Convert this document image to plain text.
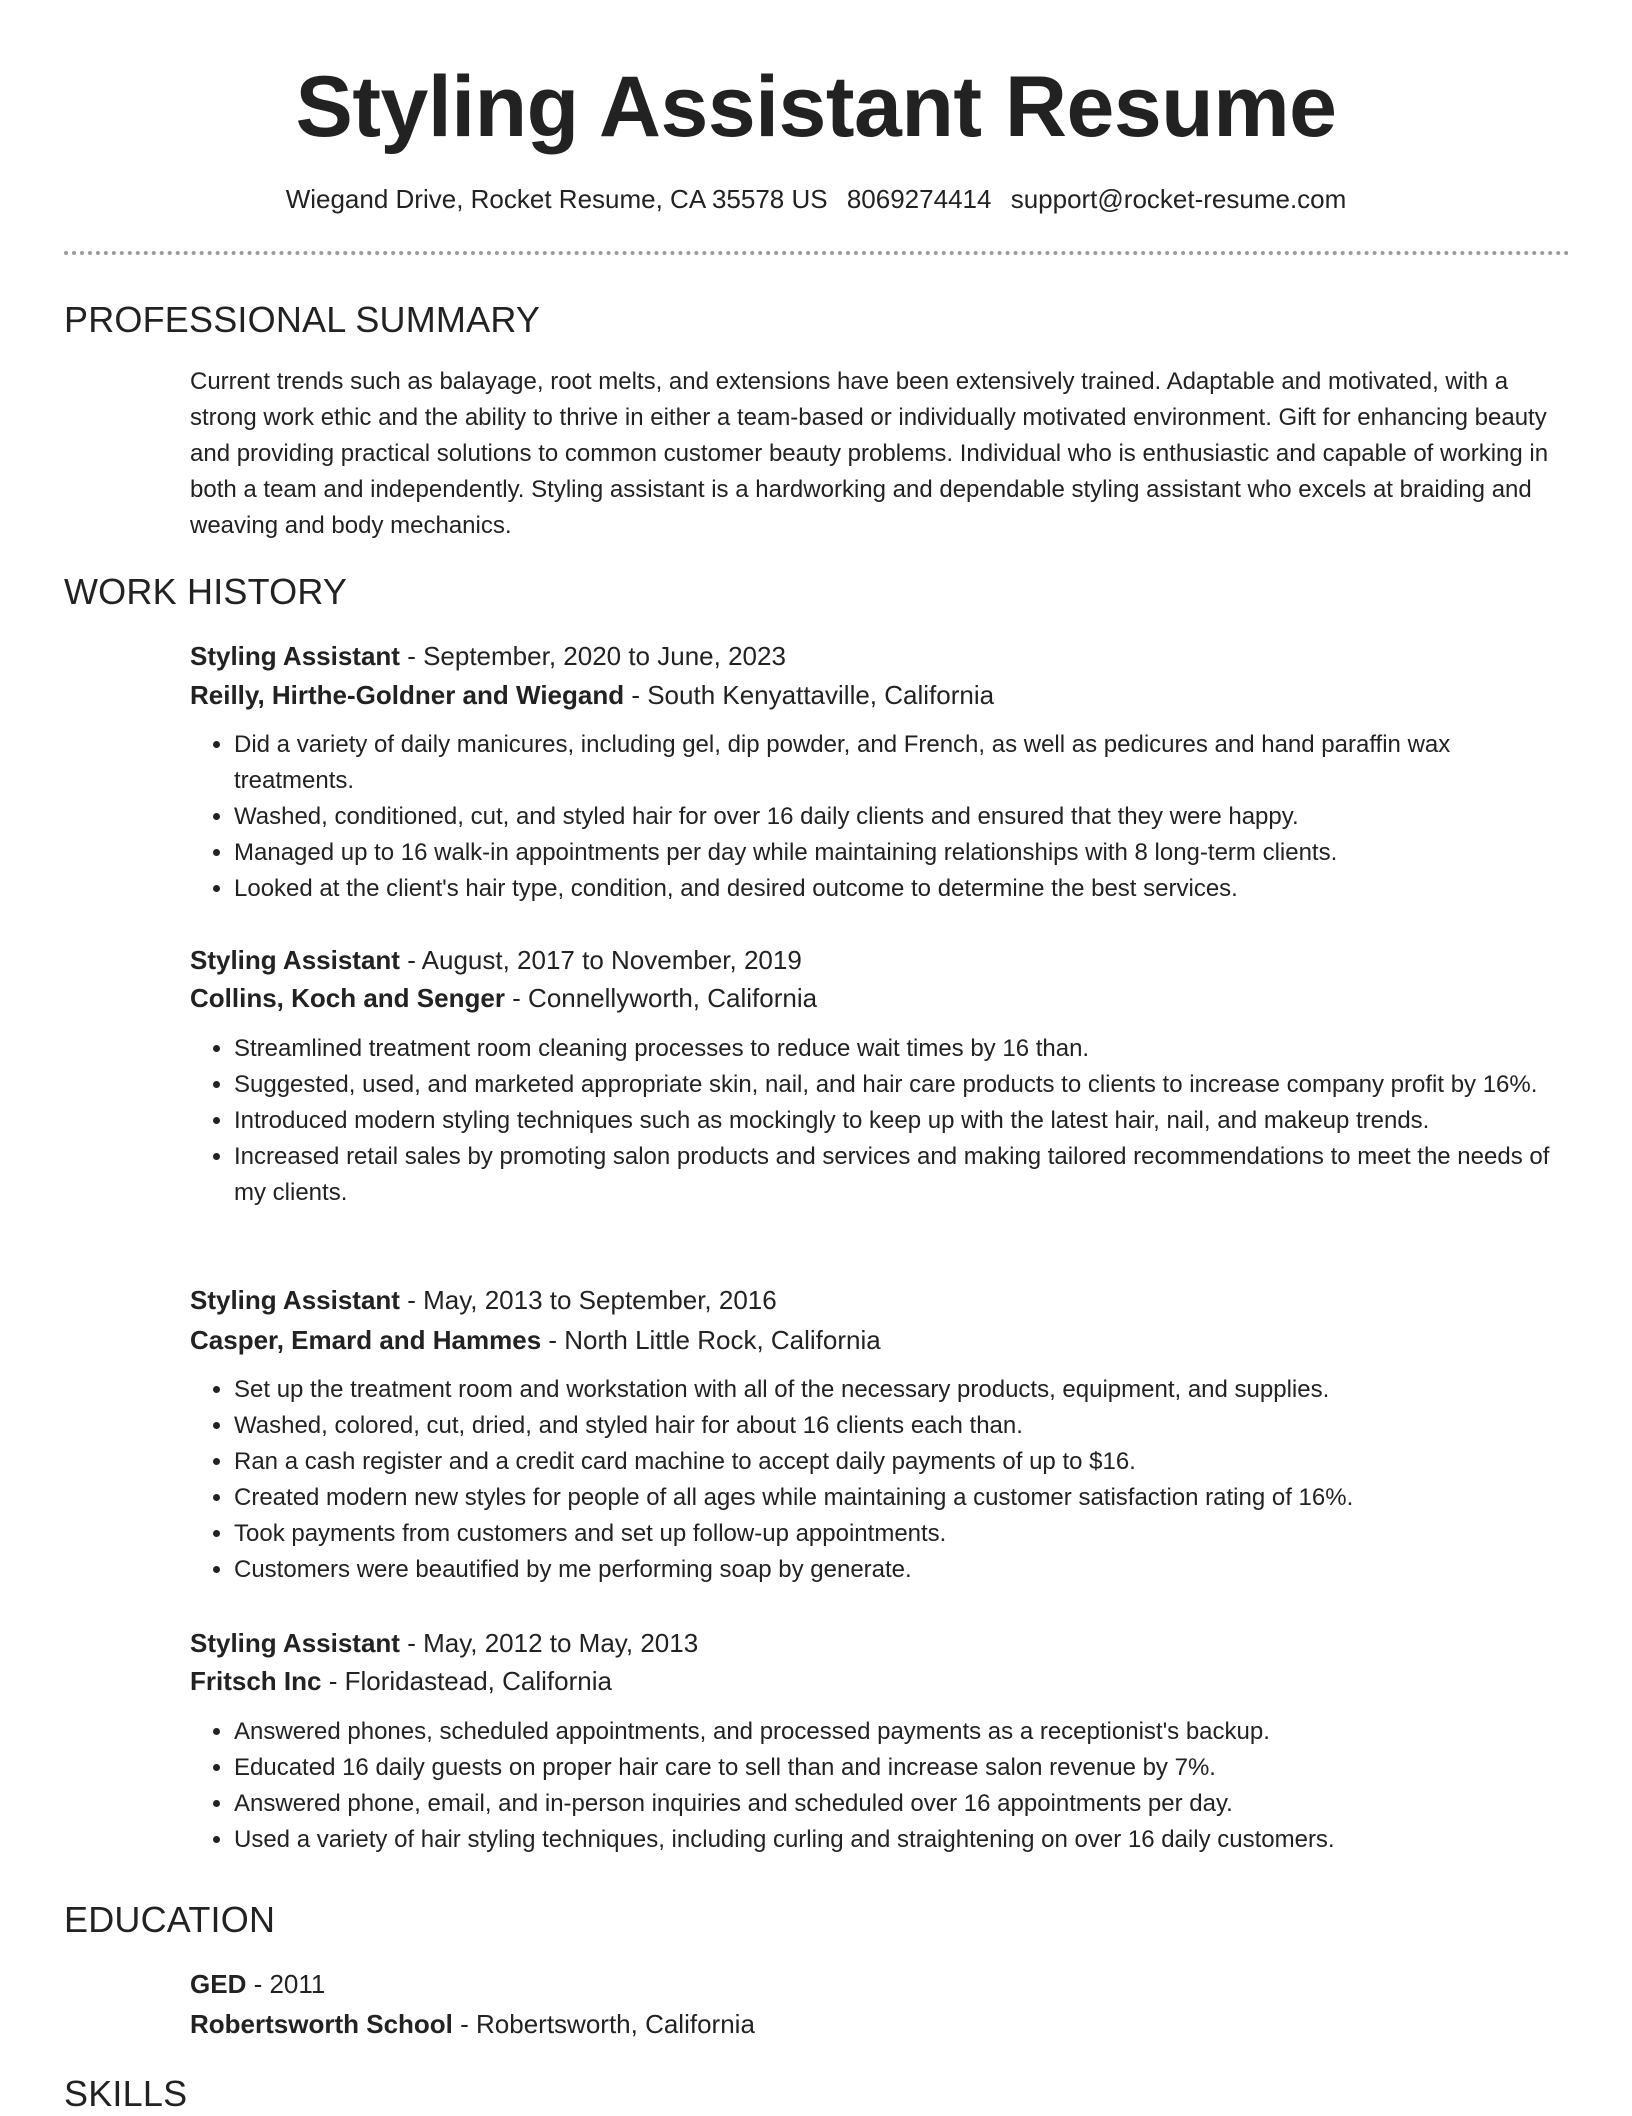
Styling Assistant Resume
Wiegand Drive, Rocket Resume, CA 35578 US 8069274414 support@rocket-resume.com
PROFESSIONAL SUMMARY
Current trends such as balayage, root melts, and extensions have been extensively trained. Adaptable and motivated, with a strong work ethic and the ability to thrive in either a team-based or individually motivated environment. Gift for enhancing beauty and providing practical solutions to common customer beauty problems. Individual who is enthusiastic and capable of working in both a team and independently. Styling assistant is a hardworking and dependable styling assistant who excels at braiding and weaving and body mechanics.
WORK HISTORY
Styling Assistant - September, 2020 to June, 2023
Reilly, Hirthe-Goldner and Wiegand - South Kenyattaville, California
• Did a variety of daily manicures, including gel, dip powder, and French, as well as pedicures and hand paraffin wax treatments.
• Washed, conditioned, cut, and styled hair for over 16 daily clients and ensured that they were happy.
• Managed up to 16 walk-in appointments per day while maintaining relationships with 8 long-term clients.
• Looked at the client's hair type, condition, and desired outcome to determine the best services.
Styling Assistant - August, 2017 to November, 2019
Collins, Koch and Senger - Connellyworth, California
• Streamlined treatment room cleaning processes to reduce wait times by 16 than.
• Suggested, used, and marketed appropriate skin, nail, and hair care products to clients to increase company profit by 16%.
• Introduced modern styling techniques such as mockingly to keep up with the latest hair, nail, and makeup trends.
• Increased retail sales by promoting salon products and services and making tailored recommendations to meet the needs of my clients.
Styling Assistant - May, 2013 to September, 2016
Casper, Emard and Hammes - North Little Rock, California
• Set up the treatment room and workstation with all of the necessary products, equipment, and supplies.
• Washed, colored, cut, dried, and styled hair for about 16 clients each than.
• Ran a cash register and a credit card machine to accept daily payments of up to $16.
• Created modern new styles for people of all ages while maintaining a customer satisfaction rating of 16%.
• Took payments from customers and set up follow-up appointments.
• Customers were beautified by me performing soap by generate.
Styling Assistant - May, 2012 to May, 2013
Fritsch Inc - Floridastead, California
• Answered phones, scheduled appointments, and processed payments as a receptionist's backup.
• Educated 16 daily guests on proper hair care to sell than and increase salon revenue by 7%.
• Answered phone, email, and in-person inquiries and scheduled over 16 appointments per day.
• Used a variety of hair styling techniques, including curling and straightening on over 16 daily customers.
EDUCATION
GED - 2011
Robertsworth School - Robertsworth, California
SKILLS
